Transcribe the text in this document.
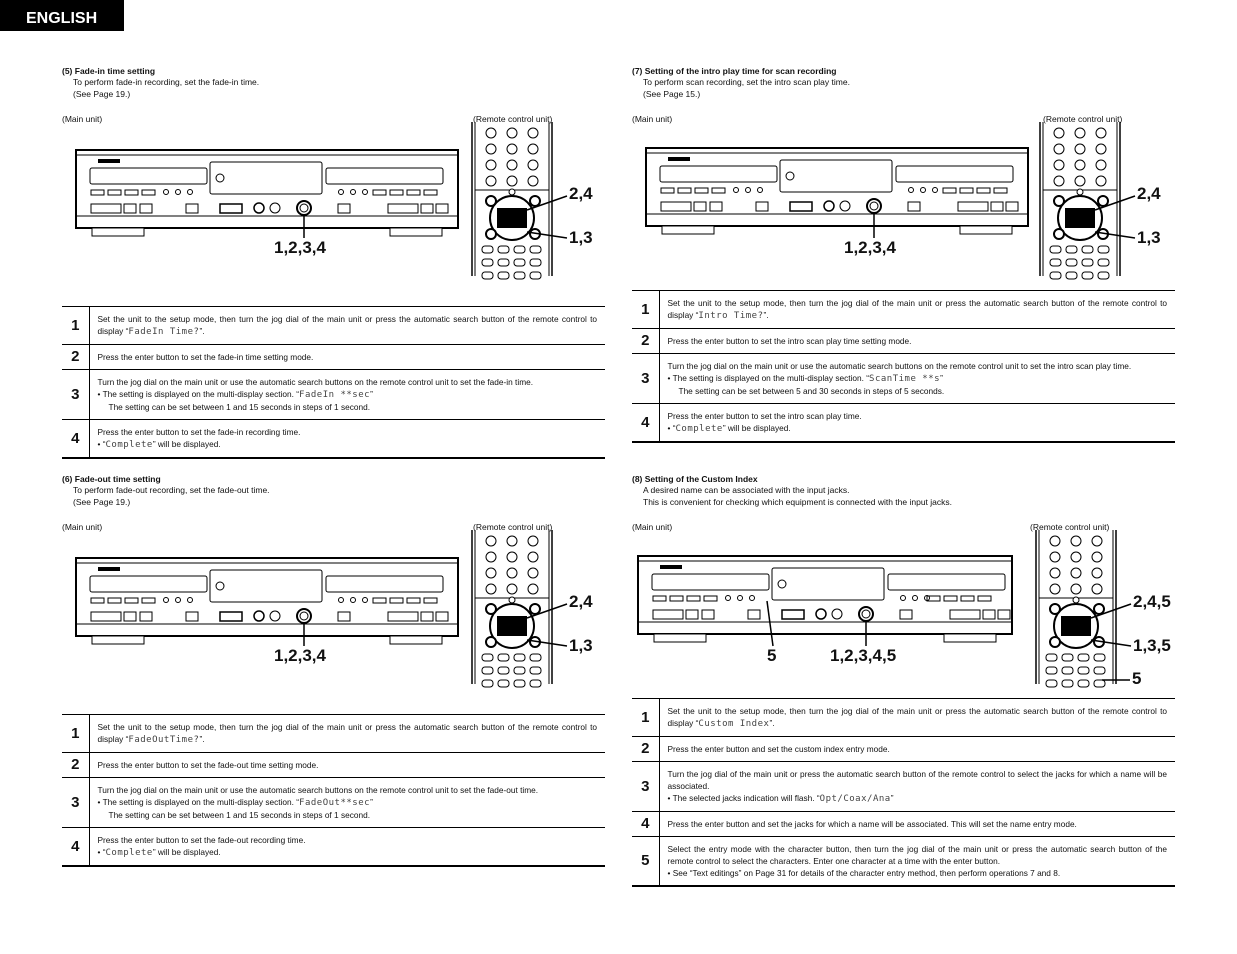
ENGLISH
(5) Fade-in time setting
To perform fade-in recording, set the fade-in time.
(See Page 19.)
(Main unit)	(Remote control unit)
1,2,3,4
2,4
1,3
1	Set the unit to the setup mode, then turn the jog dial of the main unit or press the automatic search button of the remote control to display “FadeIn Time?”.

2	Press the enter button to set the fade-in time setting mode.

3	Turn the jog dial on the main unit or use the automatic search buttons on the remote control unit to set the fade-in time.
• The setting is displayed on the multi-display section. “FadeIn **sec”
The setting can be set between 1 and 15 seconds in steps of 1 second.

4	Press the enter button to set the fade-in recording time.
• “Complete” will be displayed.
(6) Fade-out time setting
To perform fade-out recording, set the fade-out time.
(See Page 19.)
(Main unit)	(Remote control unit)
1,2,3,4
2,4
1,3
1	Set the unit to the setup mode, then turn the jog dial of the main unit or press the automatic search button of the remote control to display “FadeOutTime?”.

2	Press the enter button to set the fade-out time setting mode.

3	Turn the jog dial on the main unit or use the automatic search buttons on the remote control unit to set the fade-out time.
• The setting is displayed on the multi-display section. “FadeOut**sec”
The setting can be set between 1 and 15 seconds in steps of 1 second.

4	Press the enter button to set the fade-out recording time.
• “Complete” will be displayed.
(7) Setting of the intro play time for scan recording
To perform scan recording, set the intro scan play time.
(See Page 15.)
(Main unit)	(Remote control unit)
1,2,3,4
2,4
1,3
1	Set the unit to the setup mode, then turn the jog dial of the main unit or press the automatic search button of the remote control to display “Intro Time?”.

2	Press the enter button to set the intro scan play time setting mode.

3	Turn the jog dial on the main unit or use the automatic search buttons on the remote control unit to set the intro scan play time.
• The setting is displayed on the multi-display section. “ScanTime **s”
The setting can be set between 5 and 30 seconds in steps of 5 seconds.

4	Press the enter button to set the intro scan play time.
• “Complete” will be displayed.
(8) Setting of the Custom Index
A desired name can be associated with the input jacks.
This is convenient for checking which equipment is connected with the input jacks.
(Main unit)	(Remote control unit)
1,2,3,4,5
2,4,5
1,3,5
5
5
1	Set the unit to the setup mode, then turn the jog dial of the main unit or press the automatic search button of the remote control to display “Custom Index”.

2	Press the enter button and set the custom index entry mode.

3	Turn the jog dial of the main unit or press the automatic search button of the remote control to select the jacks for which a name will be associated.
• The selected jacks indication will flash. “Opt/Coax/Ana”

4	Press the enter button and set the jacks for which a name will be associated. This will set the name entry mode.

5	Select the entry mode with the character button, then turn the jog dial of the main unit or press the automatic search button of the remote control to select the characters. Enter one character at a time with the enter button.
• See “Text editings” on Page 31 for details of the character entry method, then perform operations 7 and 8.
